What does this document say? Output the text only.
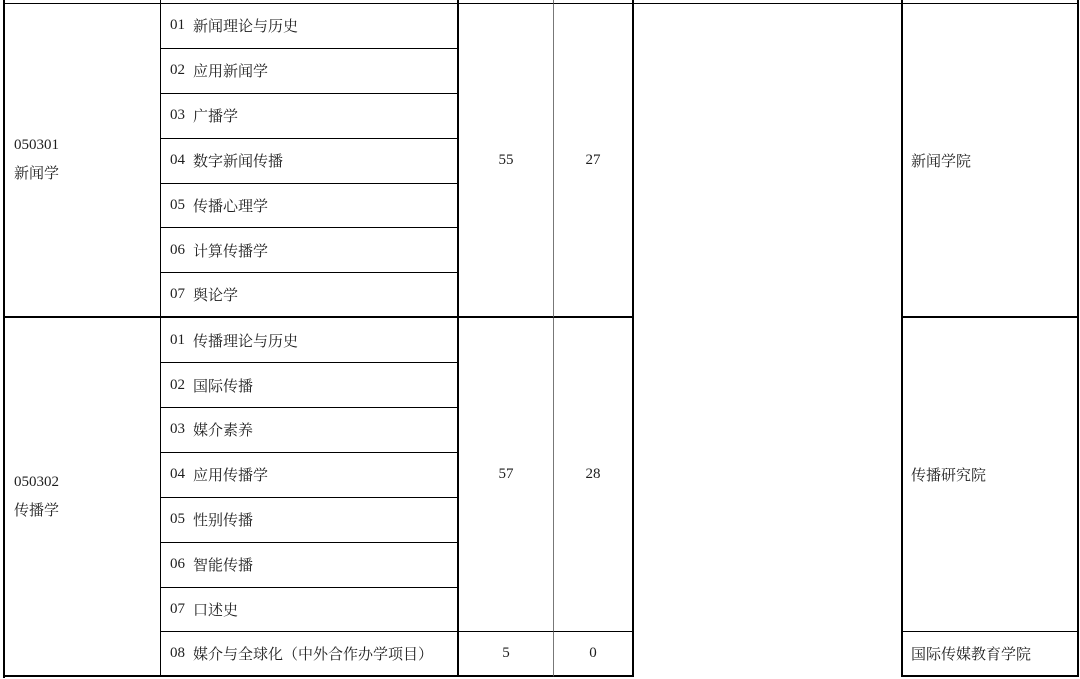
050301
新闻学
01 新闻理论与历史
02 应用新闻学
03 广播学
04 数字新闻传播
05 传播心理学
06 计算传播学
07 舆论学
55	27	新闻学院
050302
传播学
01 传播理论与历史
02 国际传播
03 媒介素养
04 应用传播学
05 性别传播
06 智能传播
07 口述史
57	28	传播研究院
08 媒介与全球化（中外合作办学项目）	5	0	国际传媒教育学院
